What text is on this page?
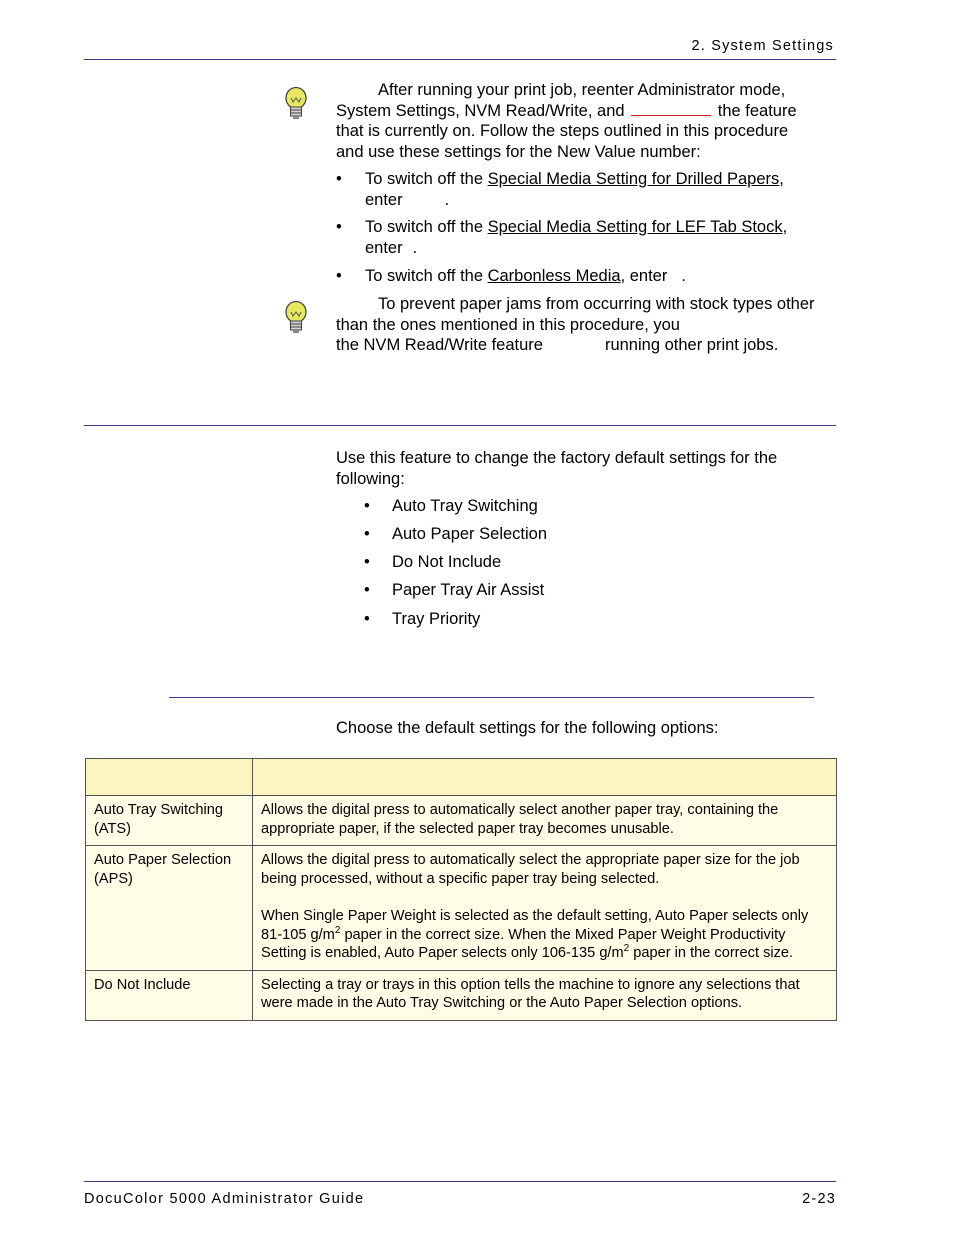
2. System Settings
After running your print job, reenter Administrator mode,
System Settings, NVM Read/Write, and	the feature
that is currently on. Follow the steps outlined in this procedure
and use these settings for the New Value number:
• To switch off the Special Media Setting for Drilled Papers,
enter	.
• To switch off the Special Media Setting for LEF Tab Stock,
enter .
• To switch off the Carbonless Media, enter .
To prevent paper jams from occurring with stock types other
than the ones mentioned in this procedure, you
the NVM Read/Write feature	running other print jobs.
Use this feature to change the factory default settings for the
following:
• Auto Tray Switching
• Auto Paper Selection
• Do Not Include
• Paper Tray Air Assist
• Tray Priority
Choose the default settings for the following options:

Auto Tray Switching (ATS)	Allows the digital press to automatically select another paper tray, containing the appropriate paper, if the selected paper tray becomes unusable.
Auto Paper Selection (APS)	Allows the digital press to automatically select the appropriate paper size for the job being processed, without a specific paper tray being selected.
When Single Paper Weight is selected as the default setting, Auto Paper selects only 81-105 $g/m^2$ paper in the correct size. When the Mixed Paper Weight Productivity Setting is enabled, Auto Paper selects only 106-135 $g/m^2$ paper in the correct size.

Do Not Include	Selecting a tray or trays in this option tells the machine to ignore any selections that were made in the Auto Tray Switching or the Auto Paper Selection options.
DocuColor 5000 Administrator Guide	2-23
